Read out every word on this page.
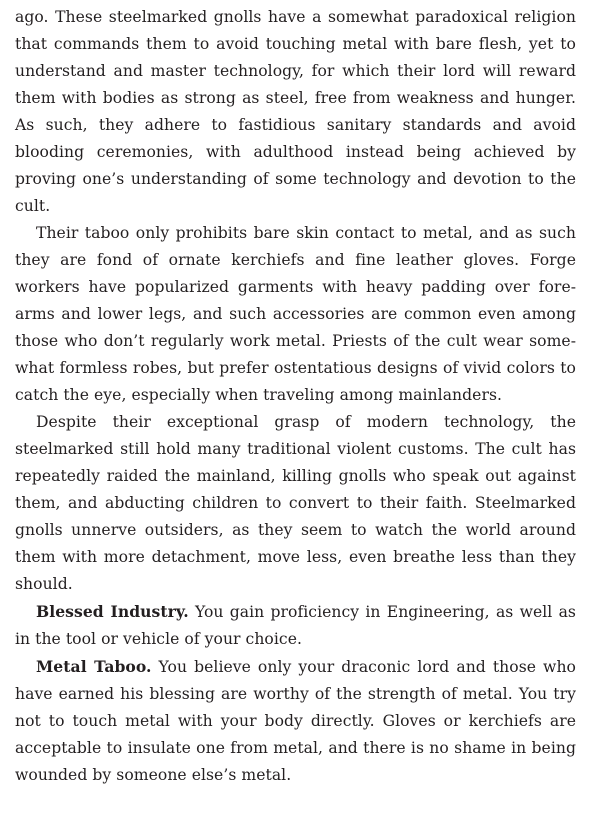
ago. These steelmarked gnolls have a somewhat paradoxical religion that commands them to avoid touching metal with bare flesh, yet to understand and master technology, for which their lord will reward them with bodies as strong as steel, free from weakness and hunger. As such, they adhere to fastidious sanitary standards and avoid blooding ceremonies, with adulthood instead being achieved by proving one’s understanding of some technology and devotion to the cult.

Their taboo only prohibits bare skin contact to metal, and as such they are fond of ornate kerchiefs and fine leather gloves. Forge workers have popularized garments with heavy padding over forearms and lower legs, and such accessories are common even among those who don’t regularly work metal. Priests of the cult wear somewhat formless robes, but prefer ostentatious designs of vivid colors to catch the eye, especially when traveling among mainlanders.

Despite their exceptional grasp of modern technology, the steelmarked still hold many traditional violent customs. The cult has repeatedly raided the mainland, killing gnolls who speak out against them, and abducting children to convert to their faith. Steelmarked gnolls unnerve outsiders, as they seem to watch the world around them with more detachment, move less, even breathe less than they should.

Blessed Industry. You gain proficiency in Engineering, as well as in the tool or vehicle of your choice.

Metal Taboo. You believe only your draconic lord and those who have earned his blessing are worthy of the strength of metal. You try not to touch metal with your body directly. Gloves or kerchiefs are acceptable to insulate one from metal, and there is no shame in being wounded by someone else’s metal.
